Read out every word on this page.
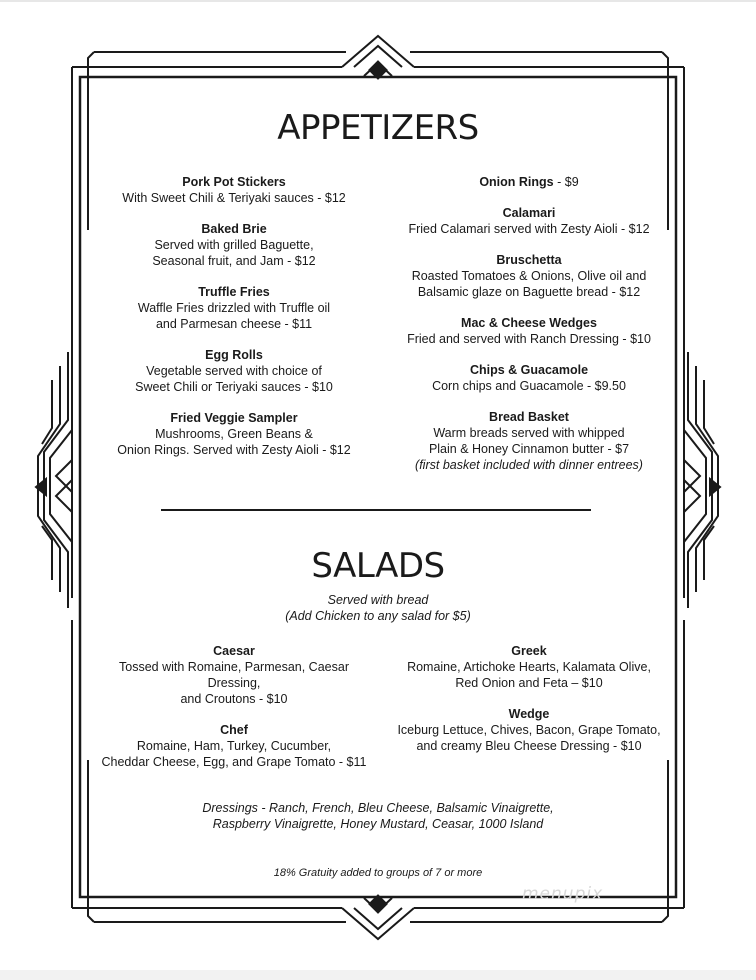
APPETIZERS
Pork Pot Stickers
With Sweet Chili & Teriyaki sauces - $12
Baked Brie
Served with grilled Baguette,
Seasonal fruit, and Jam - $12
Truffle Fries
Waffle Fries drizzled with Truffle oil
and Parmesan cheese - $11
Egg Rolls
Vegetable served with choice of
Sweet Chili or Teriyaki sauces - $10
Fried Veggie Sampler
Mushrooms, Green Beans &
Onion Rings. Served with Zesty Aioli - $12
Onion Rings - $9
Calamari
Fried Calamari served with Zesty Aioli - $12
Bruschetta
Roasted Tomatoes & Onions, Olive oil and
Balsamic glaze on Baguette bread - $12
Mac & Cheese Wedges
Fried and served with Ranch Dressing - $10
Chips & Guacamole
Corn chips and Guacamole - $9.50
Bread Basket
Warm breads served with whipped
Plain & Honey Cinnamon butter - $7
(first basket included with dinner entrees)
SALADS
Served with bread
(Add Chicken to any salad for $5)
Caesar
Tossed with Romaine, Parmesan, Caesar Dressing,
and Croutons - $10
Chef
Romaine, Ham, Turkey, Cucumber,
Cheddar Cheese, Egg, and Grape Tomato - $11
Greek
Romaine, Artichoke Hearts, Kalamata Olive,
Red Onion and Feta – $10
Wedge
Iceburg Lettuce, Chives, Bacon, Grape Tomato,
and creamy Bleu Cheese Dressing - $10
Dressings - Ranch, French, Bleu Cheese, Balsamic Vinaigrette,
Raspberry Vinaigrette, Honey Mustard, Ceasar, 1000 Island
18% Gratuity added to groups of 7 or more
menupix
